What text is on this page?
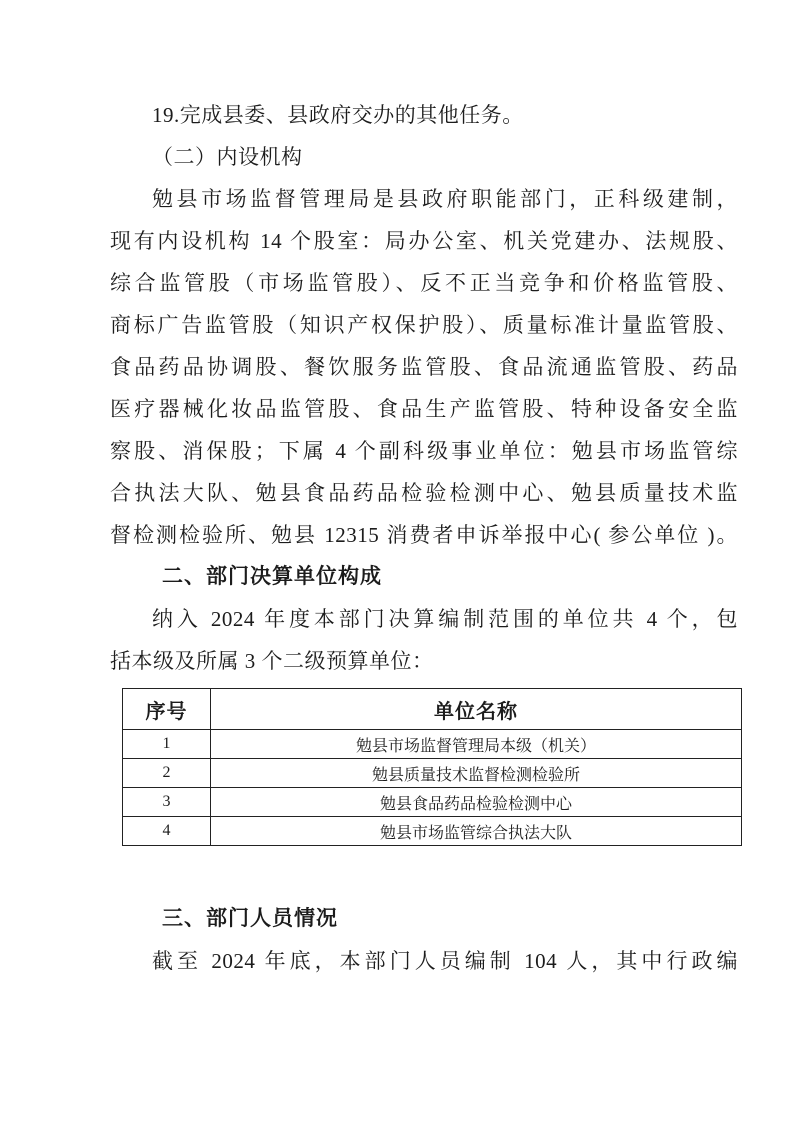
19.完成县委、县政府交办的其他任务。
（二）内设机构
勉县市场监督管理局是县政府职能部门，正科级建制，
现有内设机构 14 个股室：局办公室、机关党建办、法规股、
综合监管股（市场监管股）、反不正当竞争和价格监管股、
商标广告监管股（知识产权保护股）、质量标准计量监管股、
食品药品协调股、餐饮服务监管股、食品流通监管股、药品
医疗器械化妆品监管股、食品生产监管股、特种设备安全监
察股、消保股；下属 4 个副科级事业单位：勉县市场监管综
合执法大队、勉县食品药品检验检测中心、勉县质量技术监
督检测检验所、勉县 12315 消费者申诉举报中心( 参公单位 )。
二、部门决算单位构成
纳入 2024 年度本部门决算编制范围的单位共 4 个，包
括本级及所属 3 个二级预算单位：
序号	单位名称
1	勉县市场监督管理局本级（机关）
2	勉县质量技术监督检测检验所
3	勉县食品药品检验检测中心
4	勉县市场监管综合执法大队
三、部门人员情况
截至 2024 年底，本部门人员编制 104 人，其中行政编
